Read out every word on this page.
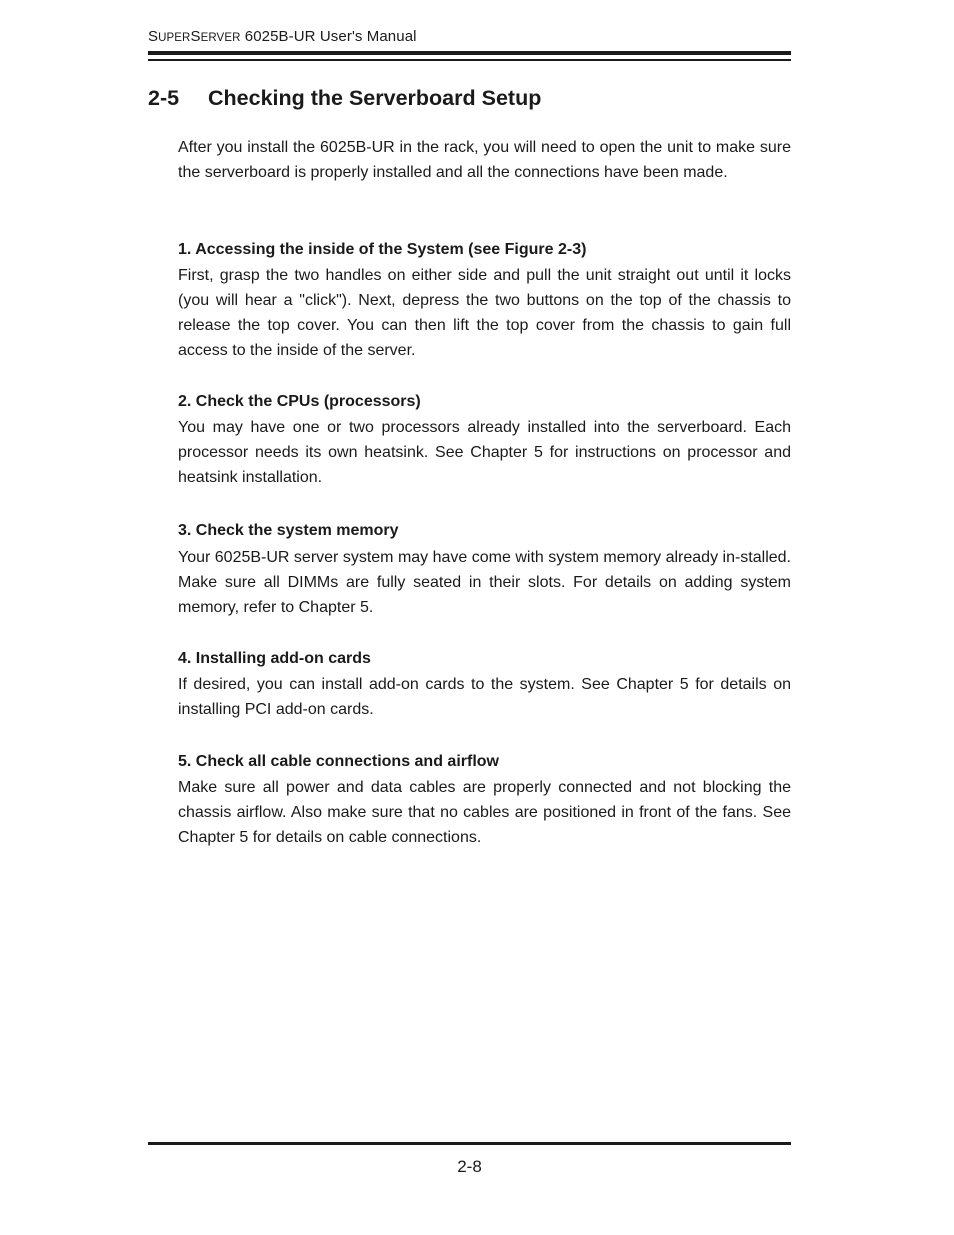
SUPERSERVER 6025B-UR User's Manual
2-5 Checking the Serverboard Setup

After you install the 6025B-UR in the rack, you will need to open the unit to make sure the serverboard is properly installed and all the connections have been made.

1. Accessing the inside of the System (see Figure 2-3)

First, grasp the two handles on either side and pull the unit straight out until it locks (you will hear a "click"). Next, depress the two buttons on the top of the chassis to release the top cover. You can then lift the top cover from the chassis to gain full access to the inside of the server.

2. Check the CPUs (processors)

You may have one or two processors already installed into the serverboard. Each processor needs its own heatsink. See Chapter 5 for instructions on processor and heatsink installation.

3. Check the system memory

Your 6025B-UR server system may have come with system memory already in-stalled. Make sure all DIMMs are fully seated in their slots. For details on adding system memory, refer to Chapter 5.

4. Installing add-on cards

If desired, you can install add-on cards to the system. See Chapter 5 for details on installing PCI add-on cards.

5. Check all cable connections and airflow

Make sure all power and data cables are properly connected and not blocking the chassis airflow. Also make sure that no cables are positioned in front of the fans. See Chapter 5 for details on cable connections.

2-8
